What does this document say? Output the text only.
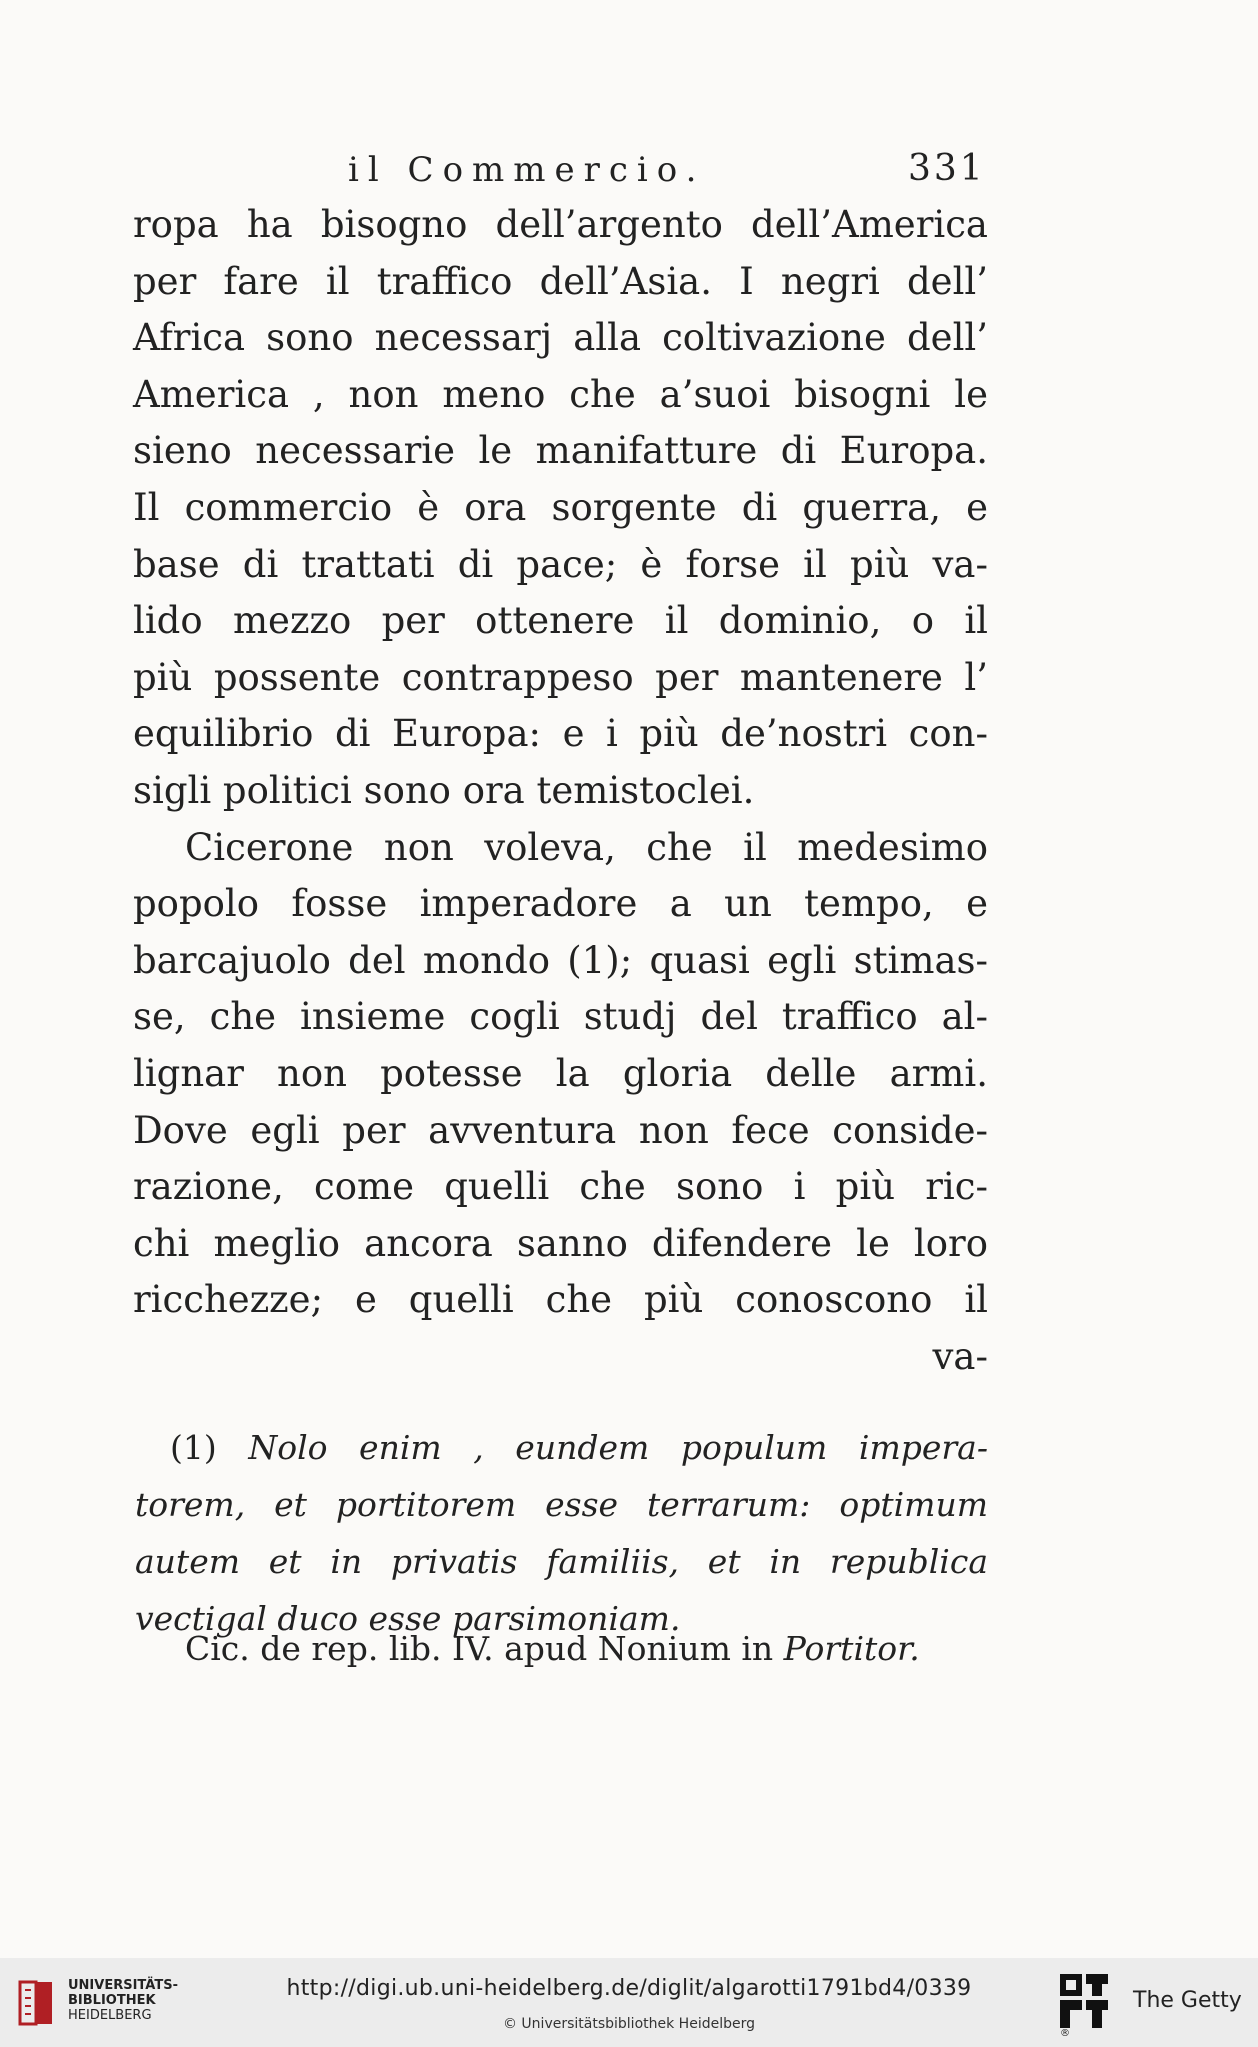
il Commercio.	331
ropa ha bisogno dell’argento dell’America
per fare il traffico dell’Asia. I negri dell’
Africa sono necessarj alla coltivazione dell’
America , non meno che a’suoi bisogni le
sieno necessarie le manifatture di Europa.
Il commercio è ora sorgente di guerra, e
base di trattati di pace; è forse il più va-
lido mezzo per ottenere il dominio, o il
più possente contrappeso per mantenere l’
equilibrio di Europa: e i più de’nostri con-
sigli politici sono ora temistoclei.
Cicerone non voleva, che il medesimo
popolo fosse imperadore a un tempo, e
barcajuolo del mondo (1); quasi egli stimas-
se, che insieme cogli studj del traffico al-
lignar non potesse la gloria delle armi.
Dove egli per avventura non fece conside-
razione, come quelli che sono i più ric-
chi meglio ancora sanno difendere le loro
ricchezze; e quelli che più conoscono il
va-
(1) Nolo enim , eundem populum impera-
torem, et portitorem esse terrarum: optimum
autem et in privatis familiis, et in republica
vectigal duco esse parsimoniam.
Cic. de rep. lib. IV. apud Nonium in Portitor.
UNIVERSITÄTS-
BIBLIOTHEK
HEIDELBERG
http://digi.ub.uni-heidelberg.de/diglit/algarotti1791bd4/0339
© Universitätsbibliothek Heidelberg
®
The Getty
